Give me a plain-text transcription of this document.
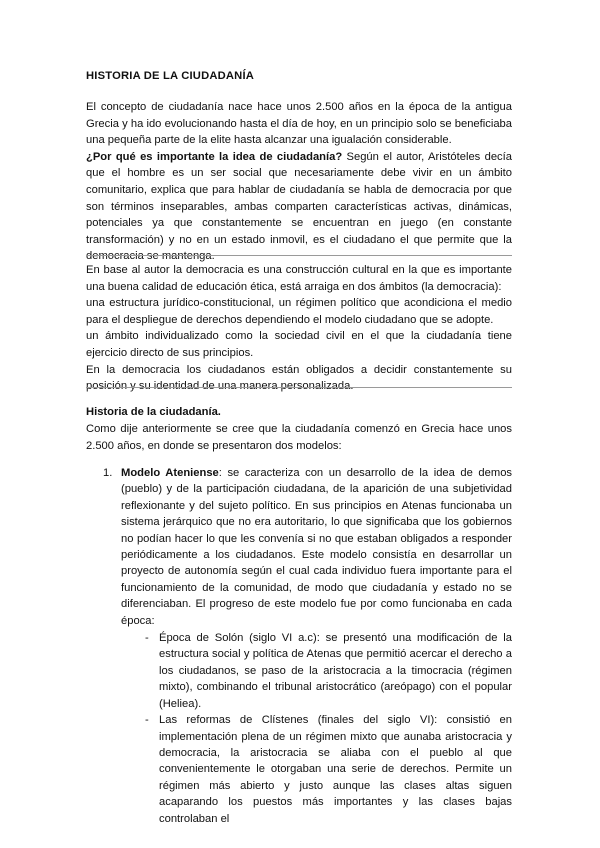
HISTORIA DE LA CIUDADANÍA

El concepto de ciudadanía nace hace unos 2.500 años en la época de la antigua Grecia y ha ido evolucionando hasta el día de hoy, en un principio solo se beneficiaba una pequeña parte de la elite hasta alcanzar una igualación considerable.

¿Por qué es importante la idea de ciudadanía? Según el autor, Aristóteles decía que el hombre es un ser social que necesariamente debe vivir en un ámbito comunitario, explica que para hablar de ciudadanía se habla de democracia por que son términos inseparables, ambas comparten características activas, dinámicas, potenciales ya que constantemente se encuentran en juego (en constante transformación) y no en un estado inmovil, es el ciudadano el que permite que la democracia se mantenga.

En base al autor la democracia es una construcción cultural en la que es importante una buena calidad de educación ética, está arraiga en dos ámbitos (la democracia):

una estructura jurídico-constitucional, un régimen político que acondiciona el medio para el despliegue de derechos dependiendo el modelo ciudadano que se adopte.

un ámbito individualizado como la sociedad civil en el que la ciudadanía tiene ejercicio directo de sus principios.

En la democracia los ciudadanos están obligados a decidir constantemente su posición y su identidad de una manera personalizada.

Historia de la ciudadanía.

Como dije anteriormente se cree que la ciudadanía comenzó en Grecia hace unos 2.500 años, en donde se presentaron dos modelos:

1. Modelo Ateniense: se caracteriza con un desarrollo de la idea de demos (pueblo) y de la participación ciudadana, de la aparición de una subjetividad reflexionante y del sujeto político. En sus principios en Atenas funcionaba un sistema jerárquico que no era autoritario, lo que significaba que los gobiernos no podían hacer lo que les convenía si no que estaban obligados a responder periódicamente a los ciudadanos. Este modelo consistía en desarrollar un proyecto de autonomía según el cual cada individuo fuera importante para el funcionamiento de la comunidad, de modo que ciudadanía y estado no se diferenciaban. El progreso de este modelo fue por como funcionaba en cada época:

- Época de Solón (siglo VI a.c): se presentó una modificación de la estructura social y política de Atenas que permitió acercar el derecho a los ciudadanos, se paso de la aristocracia a la timocracia (régimen mixto), combinando el tribunal aristocrático (areópago) con el popular (Heliea).

- Las reformas de Clístenes (finales del siglo VI): consistió en implementación plena de un régimen mixto que aunaba aristocracia y democracia, la aristocracia se aliaba con el pueblo al que convenientemente le otorgaban una serie de derechos. Permite un régimen más abierto y justo aunque las clases altas siguen acaparando los puestos más importantes y las clases bajas controlaban el
